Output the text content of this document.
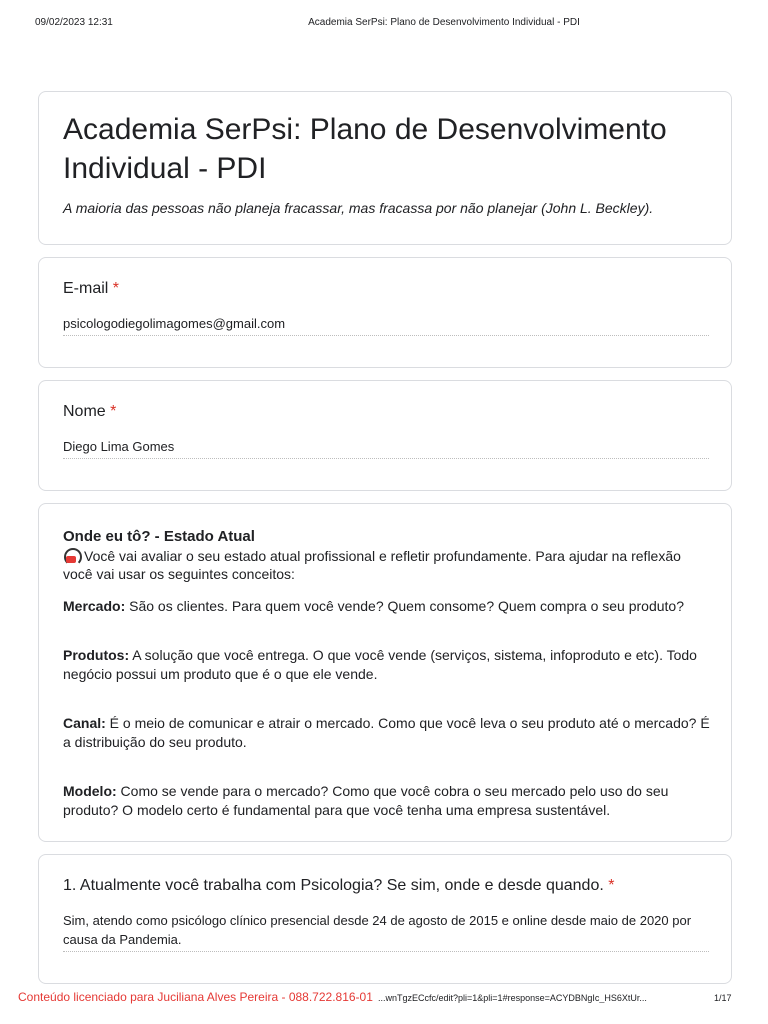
09/02/2023 12:31	Academia SerPsi: Plano de Desenvolvimento Individual - PDI
Academia SerPsi: Plano de Desenvolvimento Individual - PDI
A maioria das pessoas não planeja fracassar, mas fracassa por não planejar (John L. Beckley).
E-mail *
psicologodiegolimagomes@gmail.com
Nome *
Diego Lima Gomes

Onde eu tô? - Estado Atual

Você vai avaliar o seu estado atual profissional e refletir profundamente. Para ajudar na reflexão você vai usar os seguintes conceitos:

Mercado: São os clientes. Para quem você vende? Quem consome? Quem compra o seu produto?

Produtos: A solução que você entrega. O que você vende (serviços, sistema, infoproduto e etc). Todo negócio possui um produto que é o que ele vende.

Canal: É o meio de comunicar e atrair o mercado. Como que você leva o seu produto até o mercado? É a distribuição do seu produto.

Modelo: Como se vende para o mercado? Como que você cobra o seu mercado pelo uso do seu produto? O modelo certo é fundamental para que você tenha uma empresa sustentável.

1. Atualmente você trabalha com Psicologia? Se sim, onde e desde quando. *
Sim, atendo como psicólogo clínico presencial desde 24 de agosto de 2015 e online desde maio de 2020 por causa da Pandemia.
Conteúdo licenciado para Juciliana Alves Pereira - 088.722.816-01 ...wnTgzECcfc/edit?pli=1&pli=1#response=ACYDBNgIc_HS6XtUr...	1/17
